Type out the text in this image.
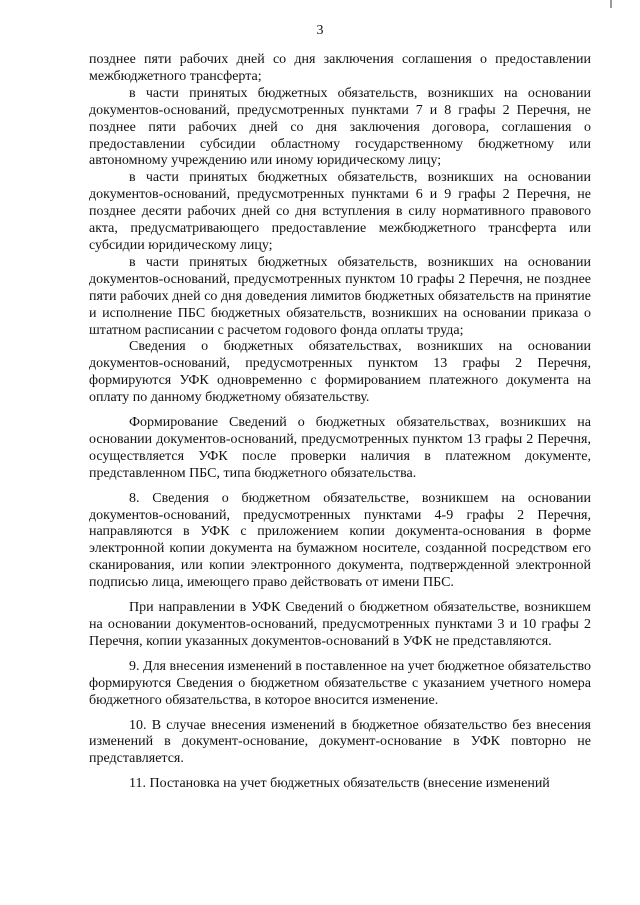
3

позднее пяти рабочих дней со дня заключения соглашения о предоставлении межбюджетного трансферта;

в части принятых бюджетных обязательств, возникших на основании документов-оснований, предусмотренных пунктами 7 и 8 графы 2 Перечня, не позднее пяти рабочих дней со дня заключения договора, соглашения о предоставлении субсидии областному государственному бюджетному или автономному учреждению или иному юридическому лицу;

в части принятых бюджетных обязательств, возникших на основании документов-оснований, предусмотренных пунктами 6 и 9 графы 2 Перечня, не позднее десяти рабочих дней со дня вступления в силу нормативного правового акта, предусматривающего предоставление межбюджетного трансферта или субсидии юридическому лицу;

в части принятых бюджетных обязательств, возникших на основании документов-оснований, предусмотренных пунктом 10 графы 2 Перечня, не позднее пяти рабочих дней со дня доведения лимитов бюджетных обязательств на принятие и исполнение ПБС бюджетных обязательств, возникших на основании приказа о штатном расписании с расчетом годового фонда оплаты труда;

Сведения о бюджетных обязательствах, возникших на основании документов-оснований, предусмотренных пунктом 13 графы 2 Перечня, формируются УФК одновременно с формированием платежного документа на оплату по данному бюджетному обязательству.

Формирование Сведений о бюджетных обязательствах, возникших на основании документов-оснований, предусмотренных пунктом 13 графы 2 Перечня, осуществляется УФК после проверки наличия в платежном документе, представленном ПБС, типа бюджетного обязательства.

8. Сведения о бюджетном обязательстве, возникшем на основании документов-оснований, предусмотренных пунктами 4-9 графы 2 Перечня, направляются в УФК с приложением копии документа-основания в форме электронной копии документа на бумажном носителе, созданной посредством его сканирования, или копии электронного документа, подтвержденной электронной подписью лица, имеющего право действовать от имени ПБС.

При направлении в УФК Сведений о бюджетном обязательстве, возникшем на основании документов-оснований, предусмотренных пунктами 3 и 10 графы 2 Перечня, копии указанных документов-оснований в УФК не представляются.

9. Для внесения изменений в поставленное на учет бюджетное обязательство формируются Сведения о бюджетном обязательстве с указанием учетного номера бюджетного обязательства, в которое вносится изменение.

10. В случае внесения изменений в бюджетное обязательство без внесения изменений в документ-основание, документ-основание в УФК повторно не представляется.

11. Постановка на учет бюджетных обязательств (внесение изменений
